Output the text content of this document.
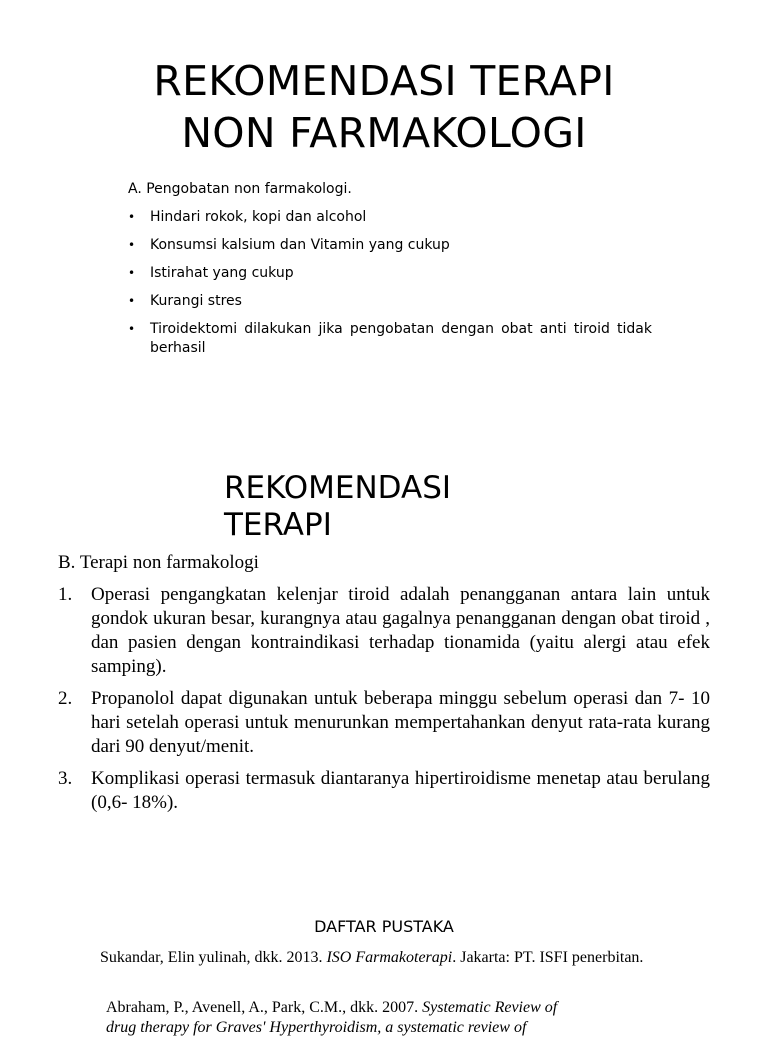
REKOMENDASI TERAPI
NON FARMAKOLOGI
A. Pengobatan non farmakologi.
• Hindari rokok, kopi dan alcohol
• Konsumsi kalsium dan Vitamin yang cukup
• Istirahat yang cukup
• Kurangi stres
• Tiroidektomi dilakukan jika pengobatan dengan obat anti tiroid tidak berhasil
REKOMENDASI
TERAPI
B. Terapi non farmakologi
1. Operasi pengangkatan kelenjar tiroid adalah penangganan antara lain untuk gondok ukuran besar, kurangnya atau gagalnya penangganan dengan obat tiroid , dan pasien dengan kontraindikasi terhadap tionamida (yaitu alergi atau efek samping).
2. Propanolol dapat digunakan untuk beberapa minggu sebelum operasi dan 7- 10 hari setelah operasi untuk menurunkan mempertahankan denyut rata-rata kurang dari 90 denyut/menit.
3. Komplikasi operasi termasuk diantaranya hipertiroidisme menetap atau berulang (0,6- 18%).
DAFTAR PUSTAKA
Sukandar, Elin yulinah, dkk. 2013. ISO Farmakoterapi. Jakarta: PT. ISFI penerbitan.
Abraham, P., Avenell, A., Park, C.M., dkk. 2007. Systematic Review of
drug therapy for Graves' Hyperthyroidism, a systematic review of
